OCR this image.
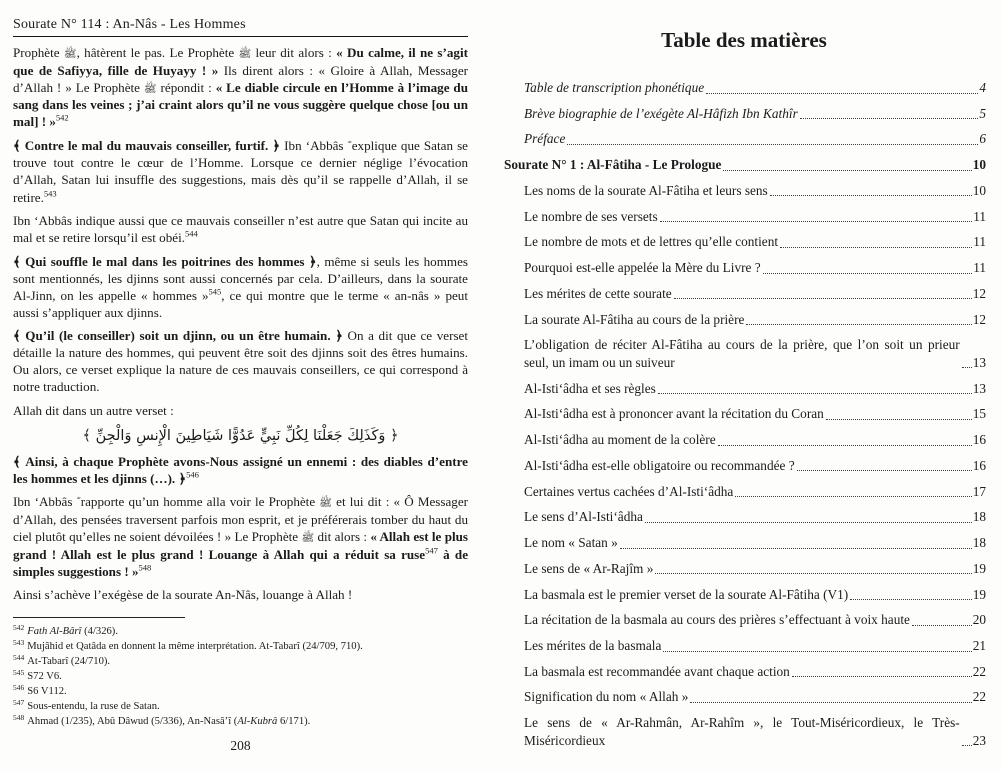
Sourate N° 114 : An-Nâs - Les Hommes

Prophète ﷺ, hâtèrent le pas. Le Prophète ﷺ leur dit alors : « Du calme, il ne s’agit que de Safiyya, fille de Huyayy ! » Ils dirent alors : « Gloire à Allah, Messager d’Allah ! » Le Prophète ﷺ répondit : « Le diable circule en l’Homme à l’image du sang dans les veines ; j’ai craint alors qu’il ne vous suggère quelque chose [ou un mal] ! »$^{542}$

﴾ Contre le mal du mauvais conseiller, furtif. ﴿ Ibn ‘Abbâs explique que Satan se trouve tout contre le cœur de l’Homme. Lorsque ce dernier néglige l’évocation d’Allah, Satan lui insuffle des suggestions, mais dès qu’il se rappelle d’Allah, il se retire.$^{543}$

Ibn ‘Abbâs indique aussi que ce mauvais conseiller n’est autre que Satan qui incite au mal et se retire lorsqu’il est obéi.$^{544}$

﴾ Qui souffle le mal dans les poitrines des hommes ﴿, même si seuls les hommes sont mentionnés, les djinns sont aussi concernés par cela. D’ailleurs, dans la sourate Al-Jinn, on les appelle « hommes »$^{545}$, ce qui montre que le terme « an-nâs » peut aussi s’appliquer aux djinns.

﴾ Qu’il (le conseiller) soit un djinn, ou un être humain. ﴿ On a dit que ce verset détaille la nature des hommes, qui peuvent être soit des djinns soit des êtres humains. Ou alors, ce verset explique la nature de ces mauvais conseillers, ce qui correspond à notre traduction.

Allah dit dans un autre verset :

﴿ وَكَذَلِكَ جَعَلْنَا لِكُلِّ نَبِيٍّ عَدُوًّا شَيَاطِينَ الْإِنسِ وَالْجِنِّ ﴾

﴾ Ainsi, à chaque Prophète avons-Nous assigné un ennemi : des diables d’entre les hommes et les djinns (…). ﴿$^{546}$

Ibn ‘Abbâs rapporte qu’un homme alla voir le Prophète ﷺ et lui dit : « Ô Messager d’Allah, des pensées traversent parfois mon esprit, et je préférerais tomber du haut du ciel plutôt qu’elles ne soient dévoilées ! » Le Prophète ﷺ dit alors : « Allah est le plus grand ! Allah est le plus grand ! Louange à Allah qui a réduit sa ruse$^{547}$ à de simples suggestions ! »$^{548}$

Ainsi s’achève l’exégèse de la sourate An-Nâs, louange à Allah !

$^{542}$ Fath Al-Bârî (4/326).
$^{543}$ Mujâhid et Qatâda en donnent la même interprétation. At-Tabarî (24/709, 710).
$^{544}$ At-Tabarî (24/710).
$^{545}$ S72 V6.
$^{546}$ S6 V112.
$^{547}$ Sous-entendu, la ruse de Satan.
$^{548}$ Ahmad (1/235), Abû Dâwud (5/336), An-Nasâ’î (Al-Kubrâ 6/171).
208
Table des matières
Table de transcription phonétique	4
Brève biographie de l’exégète Al-Hâfizh Ibn Kathîr	5
Préface	6
Sourate N° 1 : Al-Fâtiha - Le Prologue	10
Les noms de la sourate Al-Fâtiha et leurs sens	10
Le nombre de ses versets	11
Le nombre de mots et de lettres qu’elle contient	11
Pourquoi est-elle appelée la Mère du Livre ?	11
Les mérites de cette sourate	12
La sourate Al-Fâtiha au cours de la prière	12
L’obligation de réciter Al-Fâtiha au cours de la prière, que l’on soit un prieur seul, un imam ou un suiveur	13
Al-Isti‘âdha et ses règles	13
Al-Isti‘âdha est à prononcer avant la récitation du Coran	15
Al-Isti‘âdha au moment de la colère	16
Al-Isti‘âdha est-elle obligatoire ou recommandée ?	16
Certaines vertus cachées d’Al-Isti‘âdha	17
Le sens d’Al-Isti‘âdha	18
Le nom « Satan »	18
Le sens de « Ar-Rajîm »	19
La basmala est le premier verset de la sourate Al-Fâtiha (V1)	19
La récitation de la basmala au cours des prières s’effectuant à voix haute	20
Les mérites de la basmala	21
La basmala est recommandée avant chaque action	22
Signification du nom « Allah »	22
Le sens de « Ar-Rahmân, Ar-Rahîm », le Tout-Miséricordieux, le Très-Miséricordieux	23
